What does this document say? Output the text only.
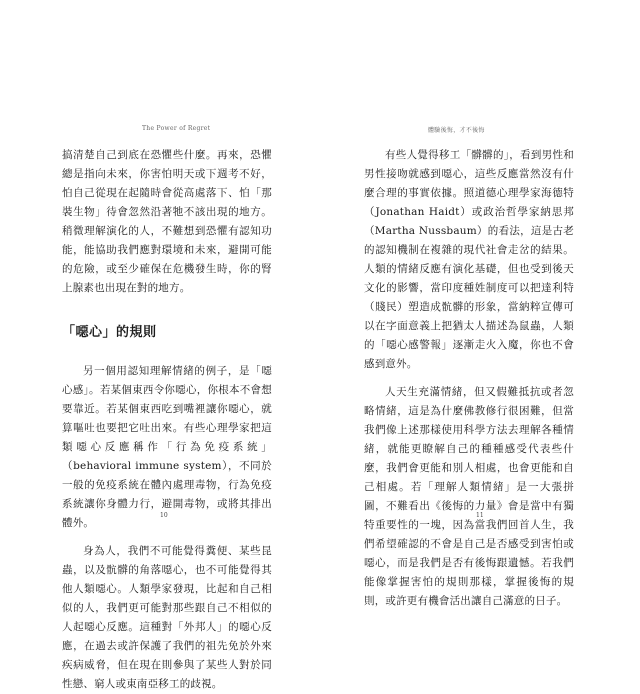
The Power of Regret

搞清楚自己到底在恐懼些什麼。再來，恐懼總是指向未來，你害怕明天或下週考不好，怕自己從現在起隨時會從高處落下、怕「那裝生物」待會忽然沿著牠不該出現的地方。稍微理解演化的人，不難想到恐懼有認知功能，能協助我們應對環境和未來，避開可能的危險，或至少確保在危機發生時，你的腎上腺素也出現在對的地方。

「噁心」的規則

另一個用認知理解情緒的例子，是「噁心感」。若某個東西令你噁心，你根本不會想要靠近。若某個東西吃到嘴裡讓你噁心，就算嘔吐也要把它吐出來。有些心理學家把這類噁心反應稱作「行為免疫系統」（behavioral immune system），不同於一般的免疫系統在體內處理毒物，行為免疫系統讓你身體力行，避開毒物，或將其排出體外。

身為人，我們不可能覺得糞便、某些昆蟲，以及骯髒的角落噁心，也不可能覺得其他人類噁心。人類學家發現，比起和自己相似的人，我們更可能對那些跟自己不相似的人起噁心反應。這種對「外邦人」的噁心反應，在過去或許保護了我們的祖先免於外來疾病威脅，但在現在則參與了某些人對於同性戀、窮人或東南亞移工的歧視。

10
體驗後悔，才不後悔

有些人覺得移工「髒髒的」，看到男性和男性接吻就感到噁心，這些反應當然沒有什麼合理的事實依據。照道德心理學家海德特（Jonathan Haidt）或政治哲學家納思邦（Martha Nussbaum）的看法，這是古老的認知機制在複雜的現代社會走岔的結果。人類的情緒反應有演化基礎，但也受到後天文化的影響，當印度種姓制度可以把達利特（賤民）塑造成骯髒的形象，當納粹宣傳可以在字面意義上把猶太人描述為鼠蟲，人類的「噁心感警報」逐漸走火入魔，你也不會感到意外。

人天生充滿情緒，但又假難抵抗或者忽略情緒，這是為什麼佛教修行很困難，但當我們像上述那樣使用科學方法去理解各種情緒，就能更瞭解自己的種種感受代表些什麼，我們會更能和別人相處，也會更能和自己相處。若「理解人類情緒」是一大張拼圖，不難看出《後悔的力量》會是當中有獨特重要性的一塊，因為當我們回首人生，我們希望確認的不會是自己是否感受到害怕或噁心，而是我們是否有後悔跟遺憾。若我們能像掌握害怕的規則那樣，掌握後悔的規則，或許更有機會活出讓自己滿意的日子。

11
